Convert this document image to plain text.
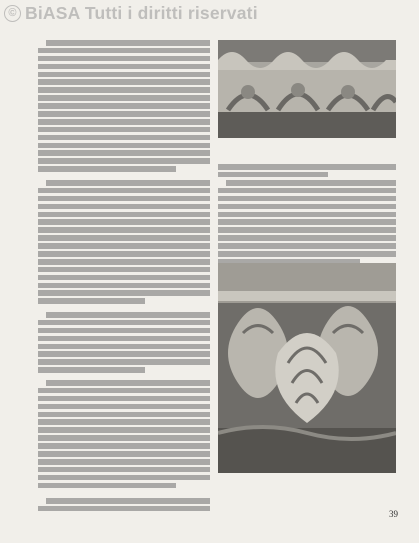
© BiASA Tutti i diritti riservati
39
